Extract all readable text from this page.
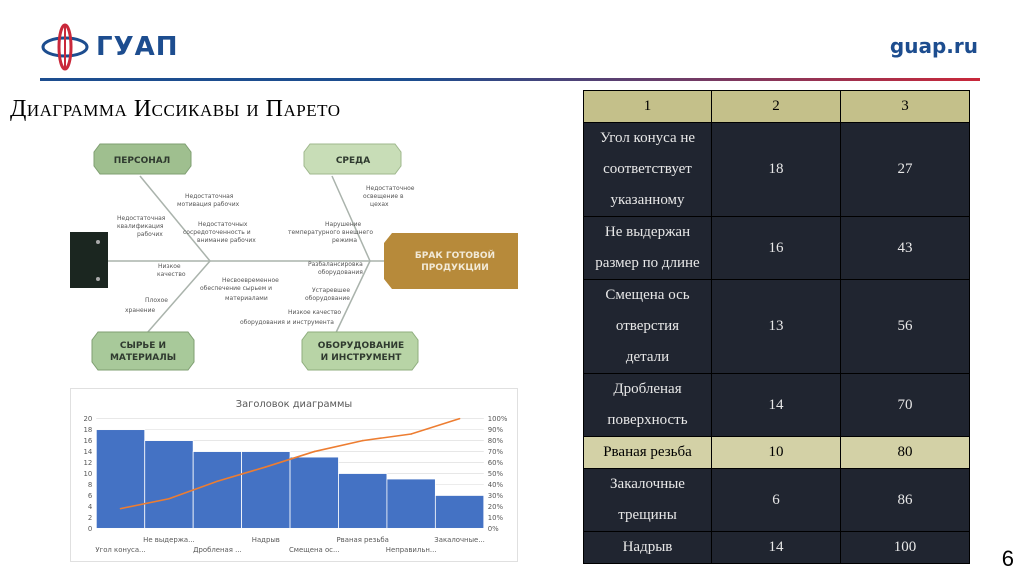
ГУАП	guap.ru
Диаграмма Иссикавы и Парето
ПЕРСОНАЛ	СРЕДА
СЫРЬЕ И
МАТЕРИАЛЫ
ОБОРУДОВАНИЕ
И ИНСТРУМЕНТ
БРАК ГОТОВОЙ
ПРОДУКЦИИ
Недостаточная
мотивация рабочих
Недостаточная
квалификация
рабочих
Недостаточных
сосредоточенность и
внимание рабочих
Недостаточное
освещение в
цехах
Нарушение
температурного внешнего
режима
Низкое
качество
Несвоевременное
обеспечение сырьем и
материалами
Плохое
хранение
Разбалансировка
оборудования
Устаревшее
оборудование
Низкое качество
оборудования и инструмента
Заголовок диаграммы
0
2
4
6
8
10
12
14
16
18
20
0%
10%
20%
30%
40%
50%
60%
70%
80%
90%
100%
Угол конуса...
Не выдержа...
Дробленая ...
Надрыв
Смещена ос...
Рваная резьба
Неправильн...
Закалочные...
1	2	3

Угол конуса не
соответствует
указанному	18	27

Не выдержан
размер по длине	16	43

Смещена ось
отверстия
детали	13	56

Дробленая
поверхность	14	70

Рваная резьба	10	80

Закалочные
трещины	6	86

Надрыв	14	100	6
